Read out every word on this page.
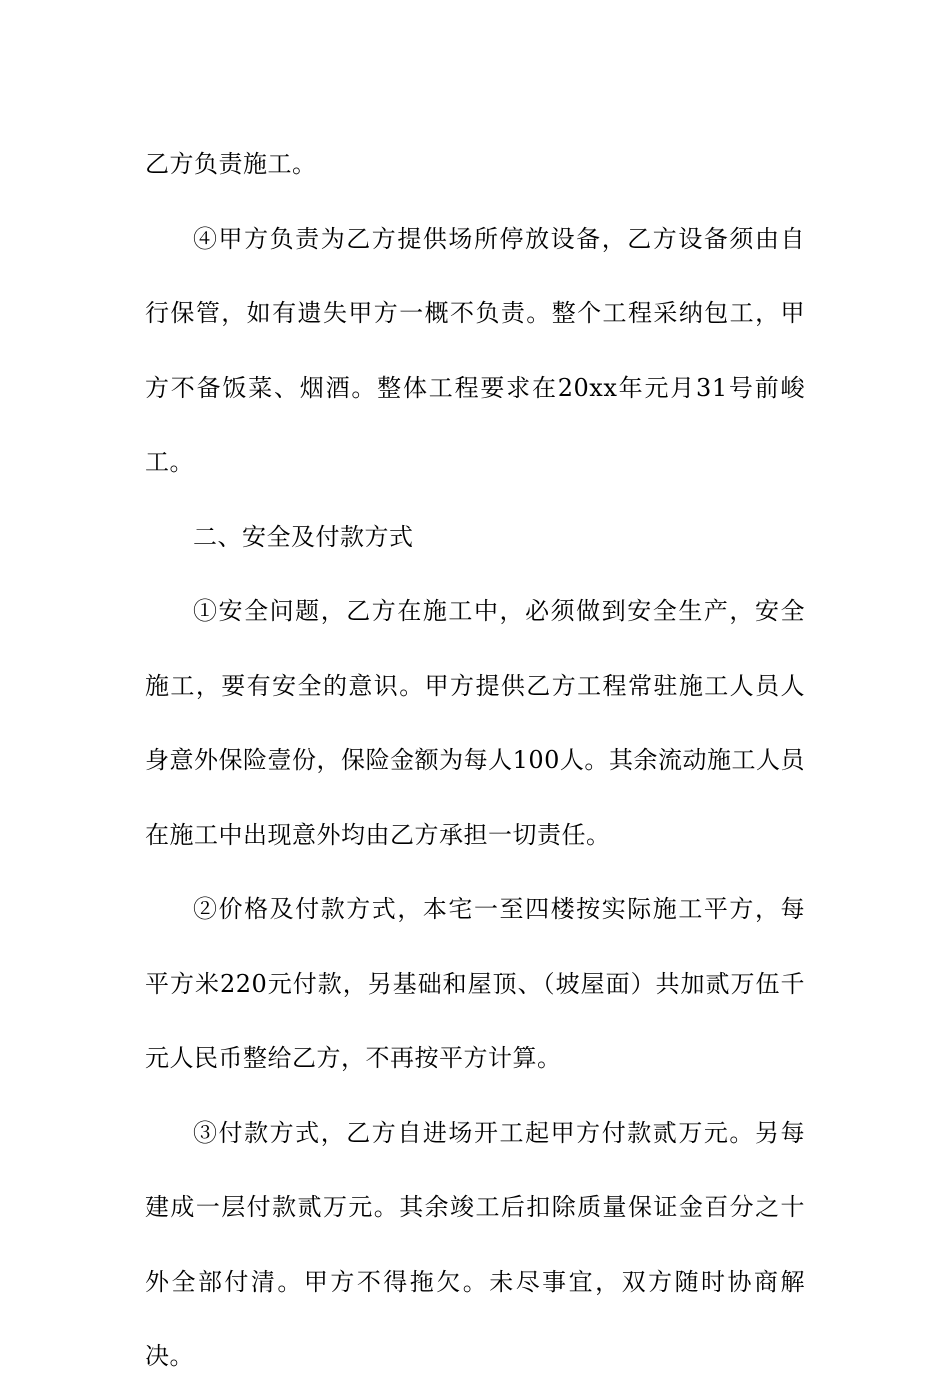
乙方负责施工。

④甲方负责为乙方提供场所停放设备，乙方设备须由自行保管，如有遗失甲方一概不负责。整个工程采纳包工，甲方不备饭菜、烟酒。整体工程要求在20xx年元月31号前峻工。

二、安全及付款方式

①安全问题，乙方在施工中，必须做到安全生产，安全施工，要有安全的意识。甲方提供乙方工程常驻施工人员人身意外保险壹份，保险金额为每人100人。其余流动施工人员在施工中出现意外均由乙方承担一切责任。

②价格及付款方式，本宅一至四楼按实际施工平方，每平方米220元付款，另基础和屋顶、（坡屋面）共加贰万伍千元人民币整给乙方，不再按平方计算。

③付款方式，乙方自进场开工起甲方付款贰万元。另每建成一层付款贰万元。其余竣工后扣除质量保证金百分之十外全部付清。甲方不得拖欠。未尽事宜，双方随时协商解决。
